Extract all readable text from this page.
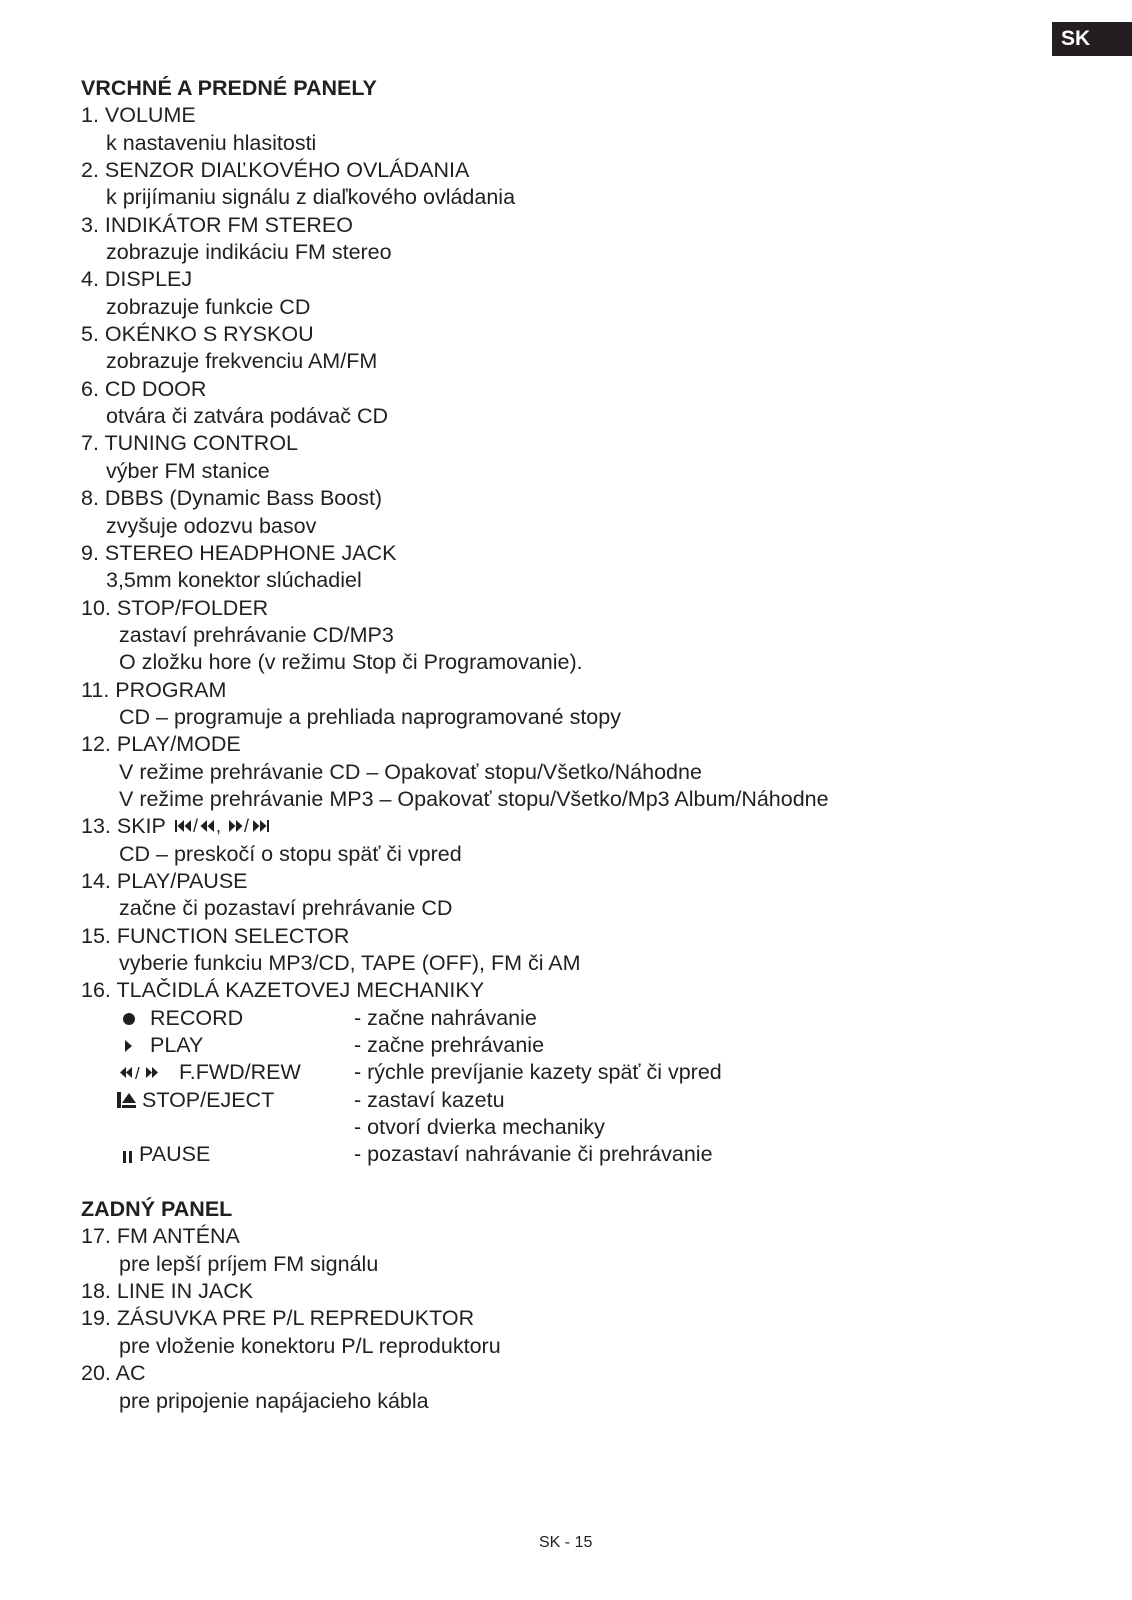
SK
VRCHNÉ A PREDNÉ PANELY
1. VOLUME
k nastaveniu hlasitosti
2. SENZOR DIAĽKOVÉHO OVLÁDANIA
k prijímaniu signálu z diaľkového ovládania
3. INDIKÁTOR FM STEREO
zobrazuje indikáciu FM stereo
4. DISPLEJ
zobrazuje funkcie CD
5. OKÉNKO S RYSKOU
zobrazuje frekvenciu AM/FM
6. CD DOOR
otvára či zatvára podávač CD
7. TUNING CONTROL
výber FM stanice
8. DBBS (Dynamic Bass Boost)
zvyšuje odozvu basov
9. STEREO HEADPHONE JACK
3,5mm konektor slúchadiel
10. STOP/FOLDER
zastaví prehrávanie CD/MP3
O zložku hore (v režimu Stop či Programovanie).
11. PROGRAM
CD – programuje a prehliada naprogramované stopy
12. PLAY/MODE
V režime prehrávanie CD – Opakovať stopu/Všetko/Náhodne
V režime prehrávanie MP3 – Opakovať stopu/Všetko/Mp3 Album/Náhodne
13. SKIP / , /
CD – preskočí o stopu späť či vpred
14. PLAY/PAUSE
začne či pozastaví prehrávanie CD
15. FUNCTION SELECTOR
vyberie funkciu MP3/CD, TAPE (OFF), FM či AM
16. TLAČIDLÁ KAZETOVEJ MECHANIKY
RECORD	- začne nahrávanie
PLAY	- začne prehrávanie
/ F.FWD/REW - rýchle prevíjanie kazety späť či vpred
STOP/EJECT	- zastaví kazetu
- otvorí dvierka mechaniky
PAUSE	- pozastaví nahrávanie či prehrávanie
ZADNÝ PANEL
17. FM ANTÉNA
pre lepší príjem FM signálu
18. LINE IN JACK
19. ZÁSUVKA PRE P/L REPREDUKTOR
pre vloženie konektoru P/L reproduktoru
20. AC
pre pripojenie napájacieho kábla
SK - 15
